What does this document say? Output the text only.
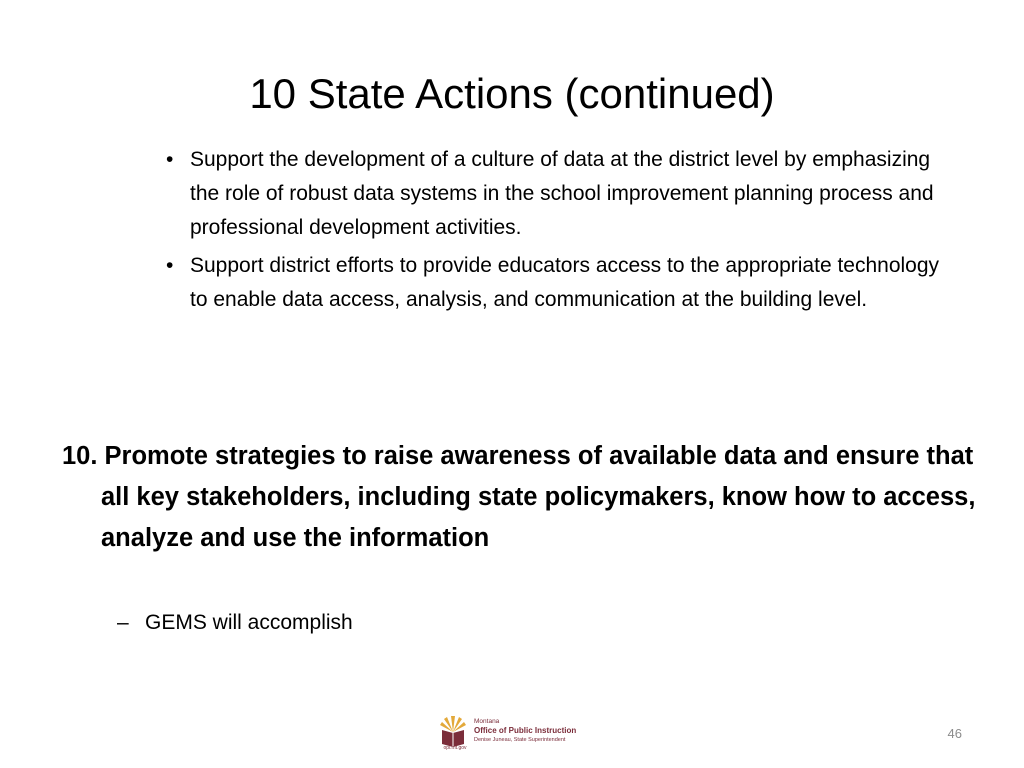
10 State Actions (continued)
• Support the development of a culture of data at the district level by emphasizing the role of robust data systems in the school improvement planning process and professional development activities.
• Support district efforts to provide educators access to the appropriate technology to enable data access, analysis, and communication at the building level.
10. Promote strategies to raise awareness of available data and ensure that all key stakeholders, including state policymakers, know how to access, analyze and use the information
– GEMS will accomplish
opi.mt.gov
Montana
Office of Public Instruction
Denise Juneau, State Superintendent	46
